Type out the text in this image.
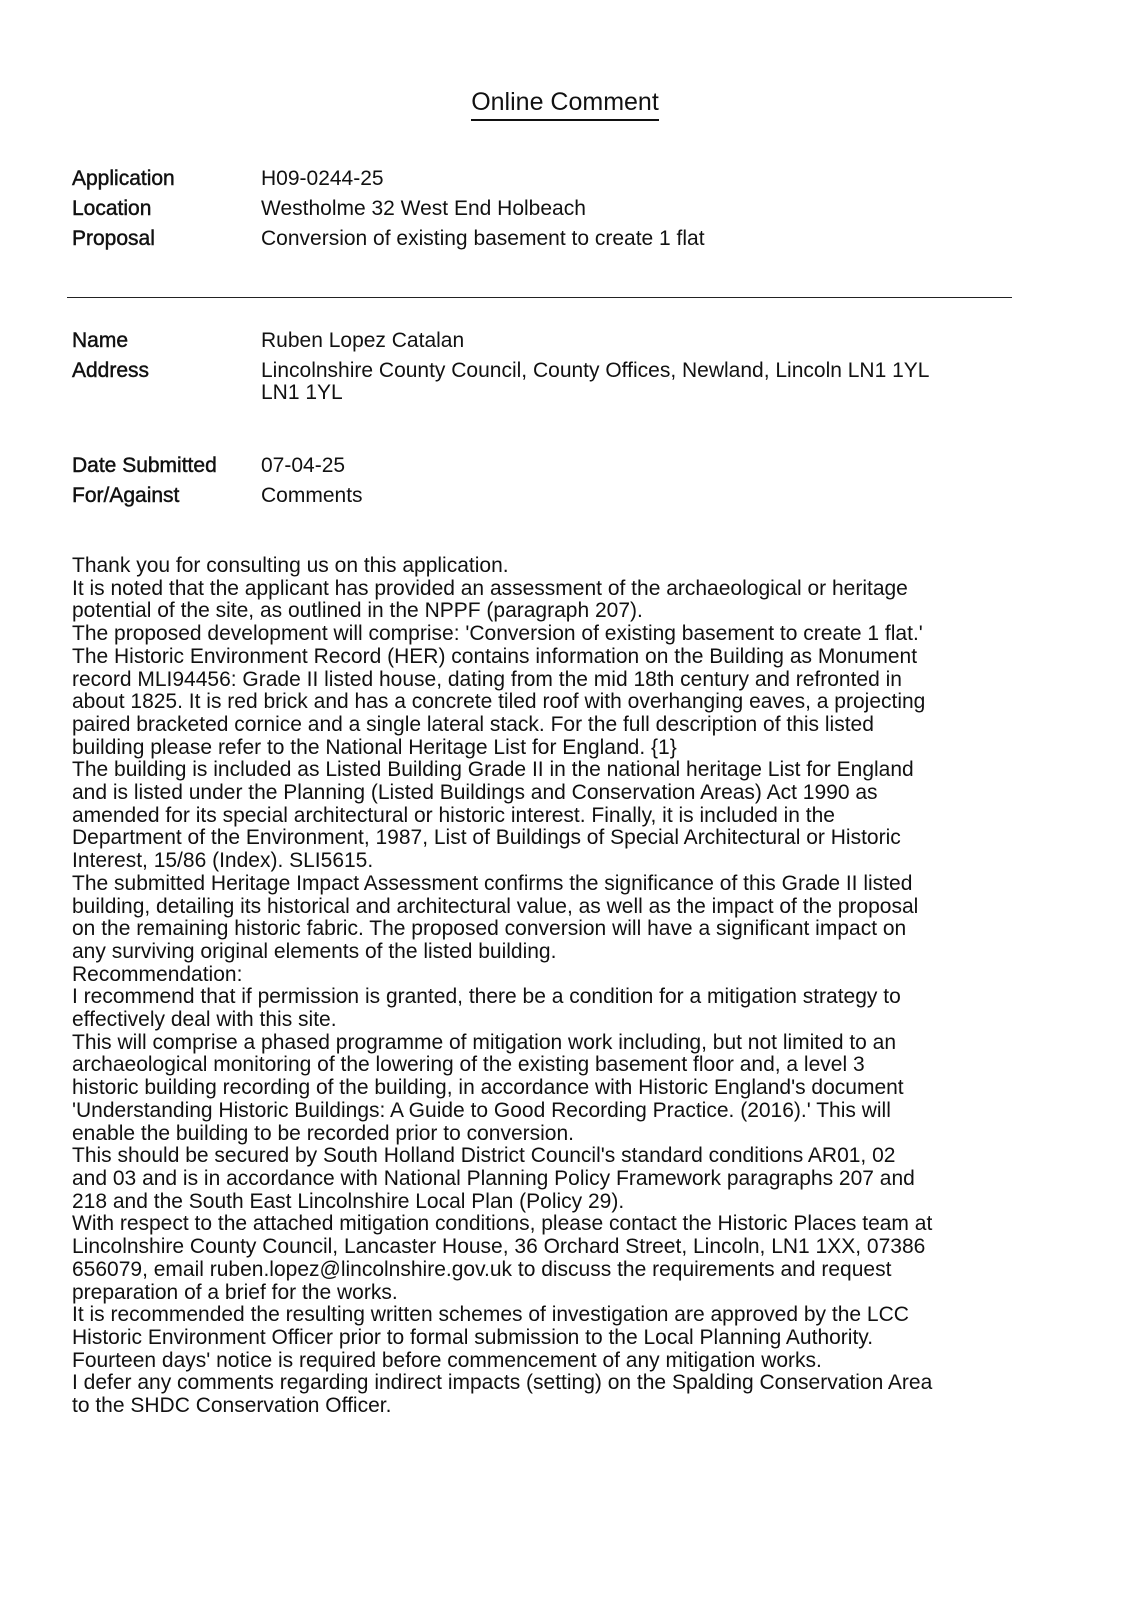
Online Comment
Application	H09-0244-25
Location	Westholme 32 West End Holbeach
Proposal	Conversion of existing basement to create 1 flat
Name	Ruben Lopez Catalan
Address	Lincolnshire County Council, County Offices, Newland, Lincoln LN1 1YL
LN1 1YL
Date Submitted	07-04-25
For/Against	Comments

Thank you for consulting us on this application.

It is noted that the applicant has provided an assessment of the archaeological or heritage

potential of the site, as outlined in the NPPF (paragraph 207).

The proposed development will comprise: 'Conversion of existing basement to create 1 flat.'

The Historic Environment Record (HER) contains information on the Building as Monument

record MLI94456: Grade II listed house, dating from the mid 18th century and refronted in

about 1825. It is red brick and has a concrete tiled roof with overhanging eaves, a projecting

paired bracketed cornice and a single lateral stack. For the full description of this listed

building please refer to the National Heritage List for England. {1}

The building is included as Listed Building Grade II in the national heritage List for England

and is listed under the Planning (Listed Buildings and Conservation Areas) Act 1990 as

amended for its special architectural or historic interest. Finally, it is included in the

Department of the Environment, 1987, List of Buildings of Special Architectural or Historic

Interest, 15/86 (Index). SLI5615.

The submitted Heritage Impact Assessment confirms the significance of this Grade II listed

building, detailing its historical and architectural value, as well as the impact of the proposal

on the remaining historic fabric. The proposed conversion will have a significant impact on

any surviving original elements of the listed building.

Recommendation:

I recommend that if permission is granted, there be a condition for a mitigation strategy to

effectively deal with this site.

This will comprise a phased programme of mitigation work including, but not limited to an

archaeological monitoring of the lowering of the existing basement floor and, a level 3

historic building recording of the building, in accordance with Historic England's document

'Understanding Historic Buildings: A Guide to Good Recording Practice. (2016).' This will

enable the building to be recorded prior to conversion.

This should be secured by South Holland District Council's standard conditions AR01, 02

and 03 and is in accordance with National Planning Policy Framework paragraphs 207 and

218 and the South East Lincolnshire Local Plan (Policy 29).

With respect to the attached mitigation conditions, please contact the Historic Places team at

Lincolnshire County Council, Lancaster House, 36 Orchard Street, Lincoln, LN1 1XX, 07386

656079, email ruben.lopez@lincolnshire.gov.uk to discuss the requirements and request

preparation of a brief for the works.

It is recommended the resulting written schemes of investigation are approved by the LCC

Historic Environment Officer prior to formal submission to the Local Planning Authority.

Fourteen days' notice is required before commencement of any mitigation works.

I defer any comments regarding indirect impacts (setting) on the Spalding Conservation Area

to the SHDC Conservation Officer.
